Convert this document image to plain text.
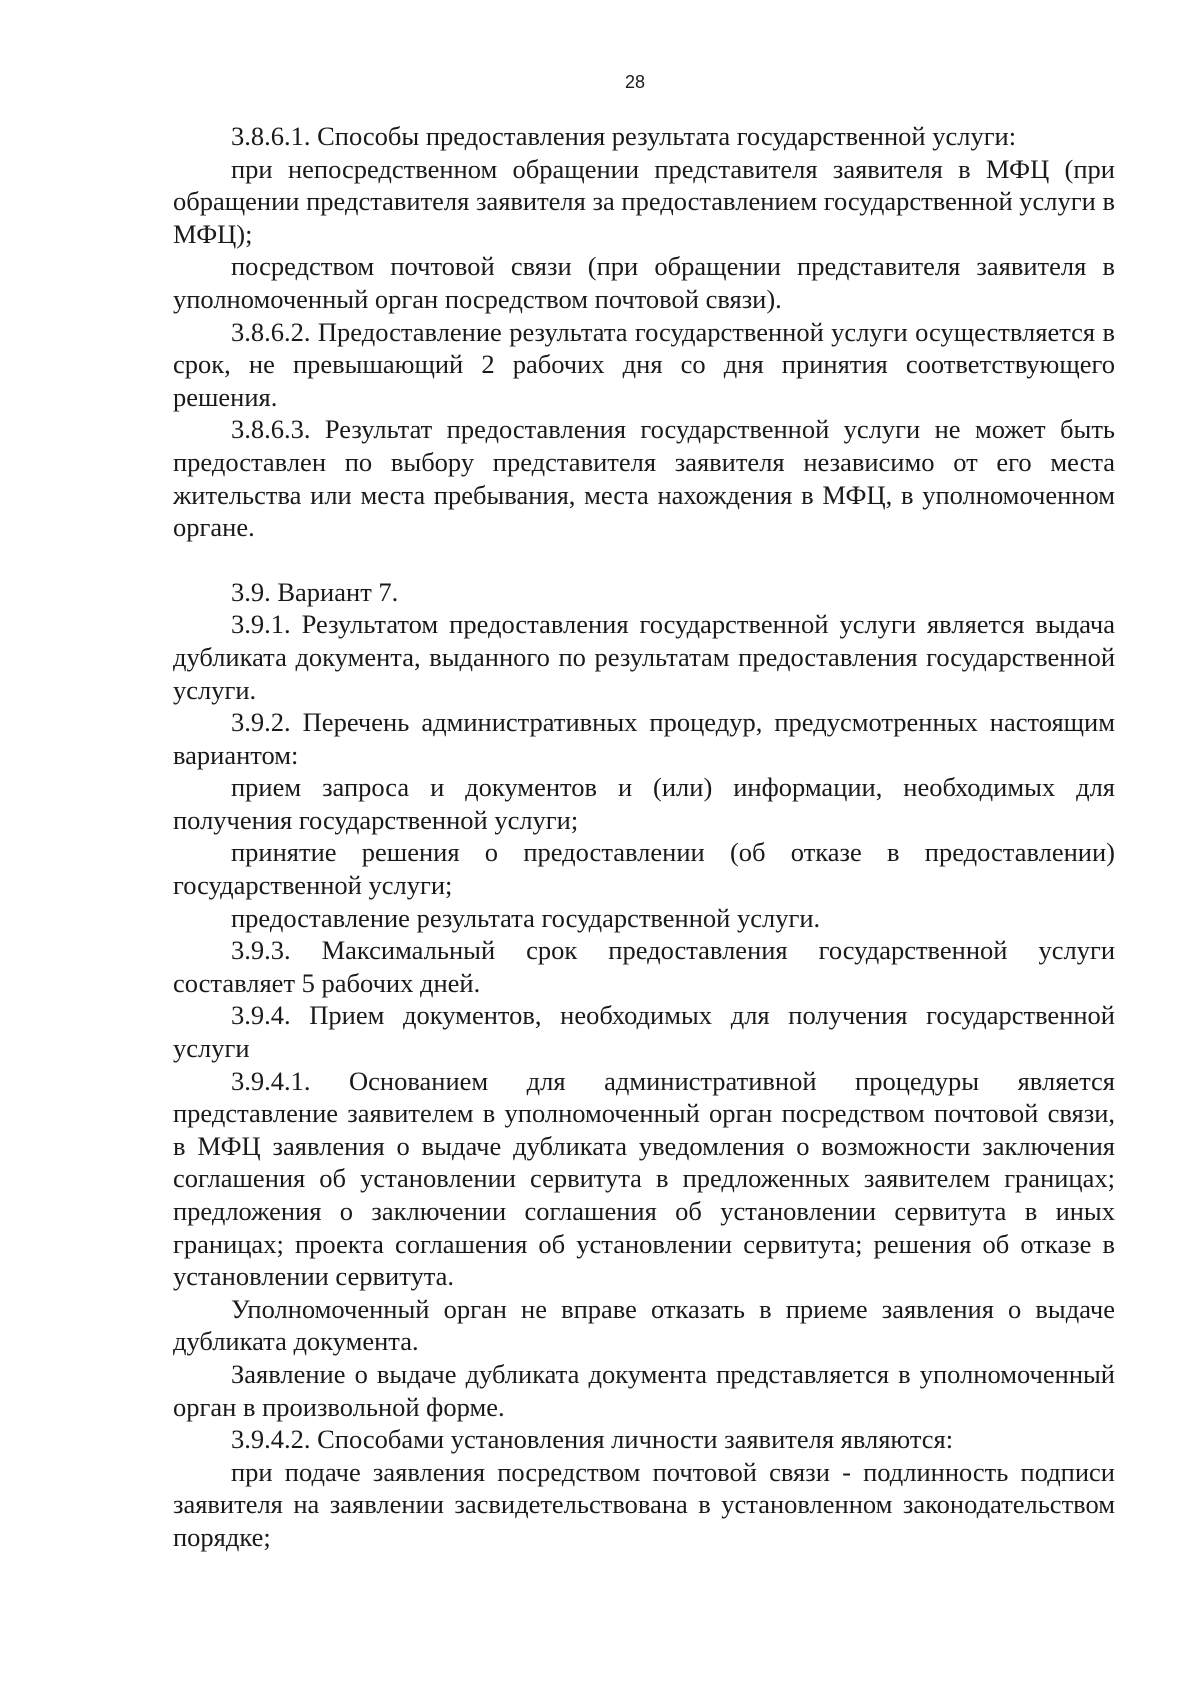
28

3.8.6.1. Способы предоставления результата государственной услуги:

при непосредственном обращении представителя заявителя в МФЦ (при обращении представителя заявителя за предоставлением государственной услуги в МФЦ);

посредством почтовой связи (при обращении представителя заявителя в уполномоченный орган посредством почтовой связи).

3.8.6.2. Предоставление результата государственной услуги осуществляется в срок, не превышающий 2 рабочих дня со дня принятия соответствующего решения.

3.8.6.3. Результат предоставления государственной услуги не может быть предоставлен по выбору представителя заявителя независимо от его места жительства или места пребывания, места нахождения в МФЦ, в уполномоченном органе.

3.9. Вариант 7.

3.9.1. Результатом предоставления государственной услуги является выдача дубликата документа, выданного по результатам предоставления государственной услуги.

3.9.2. Перечень административных процедур, предусмотренных настоящим вариантом:

прием запроса и документов и (или) информации, необходимых для получения государственной услуги;

принятие решения о предоставлении (об отказе в предоставлении) государственной услуги;

предоставление результата государственной услуги.

3.9.3. Максимальный срок предоставления государственной услуги составляет 5 рабочих дней.

3.9.4. Прием документов, необходимых для получения государственной услуги

3.9.4.1. Основанием для административной процедуры является представление заявителем в уполномоченный орган посредством почтовой связи, в МФЦ заявления о выдаче дубликата уведомления о возможности заключения соглашения об установлении сервитута в предложенных заявителем границах; предложения о заключении соглашения об установлении сервитута в иных границах; проекта соглашения об установлении сервитута; решения об отказе в установлении сервитута.

Уполномоченный орган не вправе отказать в приеме заявления о выдаче дубликата документа.

Заявление о выдаче дубликата документа представляется в уполномоченный орган в произвольной форме.

3.9.4.2. Способами установления личности заявителя являются:

при подаче заявления посредством почтовой связи - подлинность подписи заявителя на заявлении засвидетельствована в установленном законодательством порядке;
